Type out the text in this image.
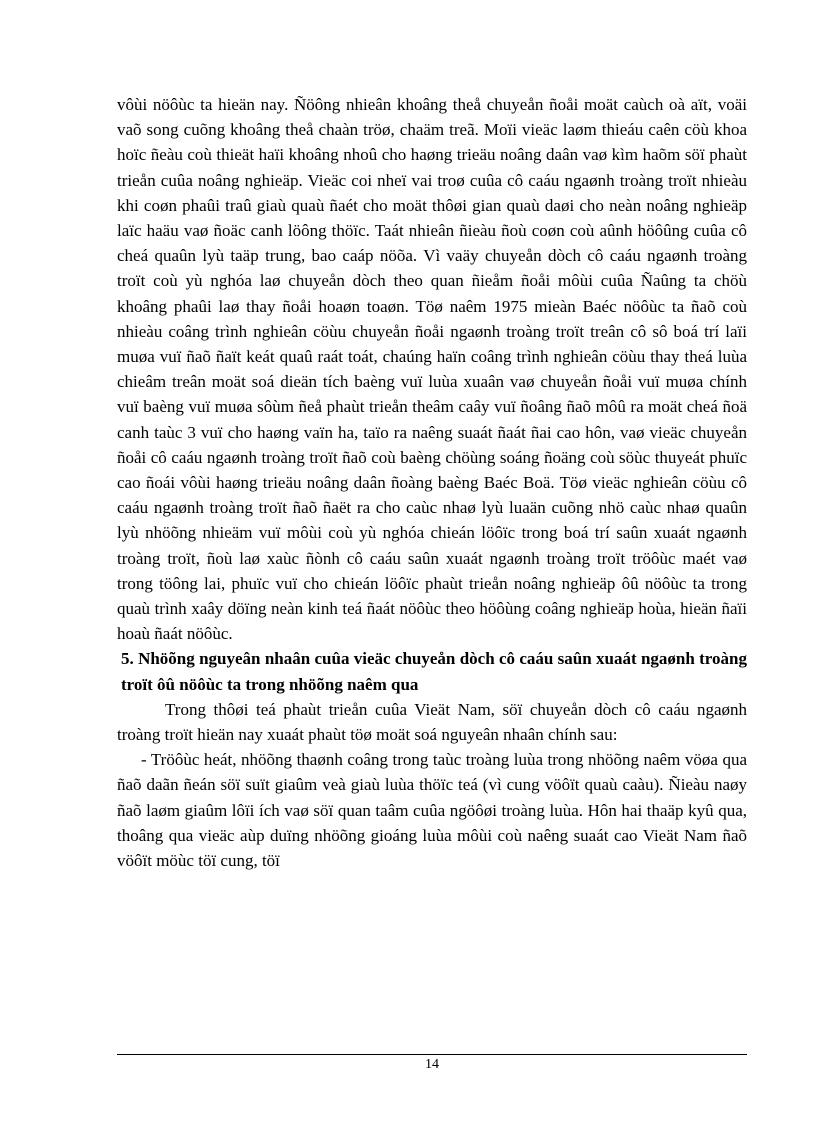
vôùi nöôùc ta hieän nay. Ñöông nhieân khoâng theå chuyeån ñoåi moät caùch oà aït, voäi vaõ song cuõng khoâng theå chaàn tröø, chaäm treã. Moïi vieäc laøm thieáu caên cöù khoa hoïc ñeàu coù thieät haïi khoâng nhoû cho haøng trieäu noâng daân vaø kìm haõm söï phaùt trieån cuûa noâng nghieäp. Vieäc coi nheï vai troø cuûa cô caáu ngaønh troàng troït nhieàu khi coøn phaûi traû giaù quaù ñaét cho moät thôøi gian quaù daøi cho neàn noâng nghieäp laïc haäu vaø ñoäc canh löông thöïc. Taát nhieân ñieàu ñoù coøn coù aûnh höôûng cuûa cô cheá quaûn lyù taäp trung, bao caáp nöõa. Vì vaäy chuyeån dòch cô caáu ngaønh troàng troït coù yù nghóa laø chuyeån dòch theo quan ñieåm ñoåi môùi cuûa Ñaûng ta chöù khoâng phaûi laø thay ñoåi hoaøn toaøn. Töø naêm 1975 mieàn Baéc nöôùc ta ñaõ coù nhieàu coâng trình nghieân cöùu chuyeån ñoåi ngaønh troàng troït treân cô sô boá trí laïi muøa vuï ñaõ ñaït keát quaû raát toát, chaúng haïn coâng trình nghieân cöùu thay theá luùa chieâm treân moät soá dieän tích baèng vuï luùa xuaân vaø chuyeån ñoåi vuï muøa chính vuï baèng vuï muøa sôùm ñeå phaùt trieån theâm caây vuï ñoâng ñaõ môû ra moät cheá ñoä canh taùc 3 vuï cho haøng vaïn ha, taïo ra naêng suaát ñaát ñai cao hôn, vaø vieäc chuyeån ñoåi cô caáu ngaønh troàng troït ñaõ coù baèng chöùng soáng ñoäng coù söùc thuyeát phuïc cao ñoái vôùi haøng trieäu noâng daân ñoàng baèng Baéc Boä. Töø vieäc nghieân cöùu cô caáu ngaønh troàng troït ñaõ ñaët ra cho caùc nhaø lyù luaän cuõng nhö caùc nhaø quaûn lyù nhöõng nhieäm vuï môùi coù yù nghóa chieán löôïc trong boá trí saûn xuaát ngaønh troàng troït, ñoù laø xaùc ñònh cô caáu saûn xuaát ngaønh troàng troït tröôùc maét vaø trong töông lai, phuïc vuï cho chieán löôïc phaùt trieån noâng nghieäp ôû nöôùc ta trong quaù trình xaây döïng neàn kinh teá ñaát nöôùc theo höôùng coâng nghieäp hoùa, hieän ñaïi hoaù ñaát nöôùc.

5. Nhöõng nguyeân nhaân cuûa vieäc chuyeån dòch cô caáu saûn xuaát ngaønh troàng troït ôû nöôùc ta trong nhöõng naêm qua

Trong thôøi teá phaùt trieån cuûa Vieät Nam, söï chuyeån dòch cô caáu ngaønh troàng troït hieän nay xuaát phaùt töø moät soá nguyeân nhaân chính sau:

- Tröôùc heát, nhöõng thaønh coâng trong taùc troàng luùa trong nhöõng naêm vöøa qua ñaõ daãn ñeán söï suït giaûm veà giaù luùa thöïc teá (vì cung vöôït quaù caàu). Ñieàu naøy ñaõ laøm giaûm lôïi ích vaø söï quan taâm cuûa ngöôøi troàng luùa. Hôn hai thaäp kyû qua, thoâng qua vieäc aùp duïng nhöõng gioáng luùa môùi coù naêng suaát cao Vieät Nam ñaõ vöôït möùc töï cung, töï

14
